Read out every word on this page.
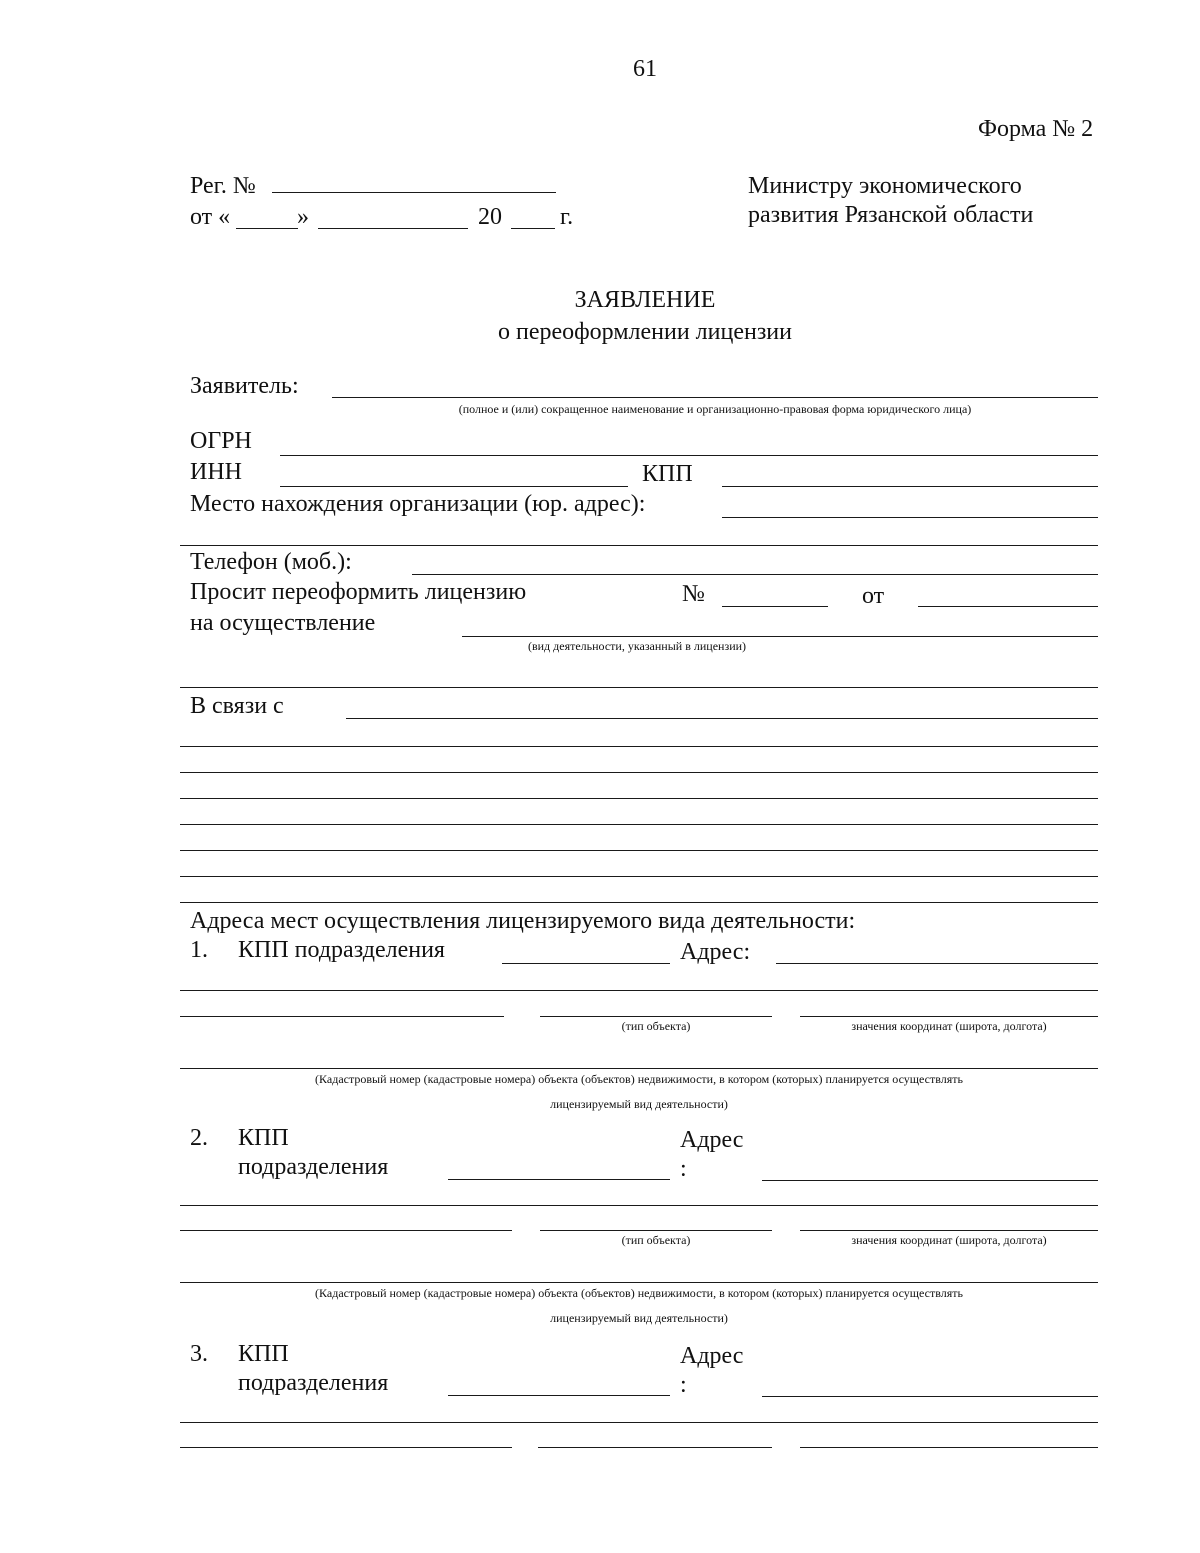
61
Форма № 2
Рег. №
от «	»	20 г.
Министру экономического
развития Рязанской области
ЗАЯВЛЕНИЕ
о переоформлении лицензии
Заявитель:
(полное и (или) сокращенное наименование и организационно-правовая форма юридического лица)
ОГРН
ИНН	КПП
Место нахождения организации (юр. адрес):
Телефон (моб.):
Просит переоформить лицензию	№	от
на осуществление
(вид деятельности, указанный в лицензии)
В связи с
Адреса мест осуществления лицензируемого вида деятельности:
1. КПП подразделения	Адрес:
(тип объекта)	значения координат (широта, долгота)
(Кадастровый номер (кадастровые номера) объекта (объектов) недвижимости, в котором (которых) планируется осуществлять
лицензируемый вид деятельности)
2. КПП
подразделения
Адрес
:
(тип объекта)	значения координат (широта, долгота)
(Кадастровый номер (кадастровые номера) объекта (объектов) недвижимости, в котором (которых) планируется осуществлять
лицензируемый вид деятельности)
3. КПП
подразделения
Адрес
:
